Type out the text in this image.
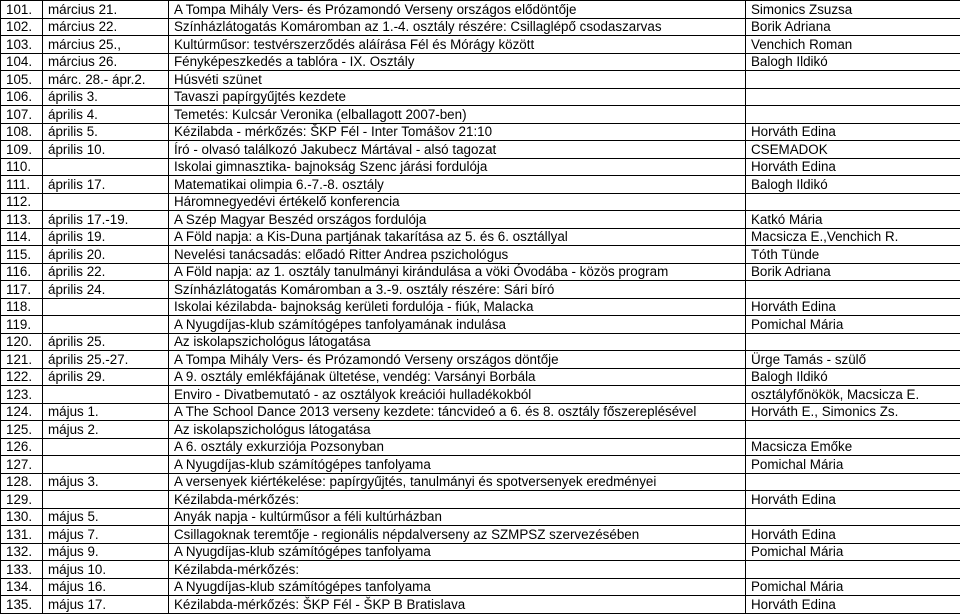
101.	március 21.	A Tompa Mihály Vers- és Prózamondó Verseny országos elődöntője	Simonics Zsuzsa
102.	március 22.	Színházlátogatás Komáromban az 1.-4. osztály részére: Csillaglépő csodaszarvas	Borik Adriana
103.	március 25.,	Kultúrműsor: testvérszerződés aláírása Fél és Mórágy között	Venchich Roman
104.	március 26.	Fényképeszkedés a tablóra - IX. Osztály	Balogh Ildikó
105.	márc. 28.- ápr.2.	Húsvéti szünet	
106.	április 3.	Tavaszi papírgyűjtés kezdete	
107.	április 4.	Temetés: Kulcsár Veronika (elballagott 2007-ben)	
108.	április 5.	Kézilabda - mérkőzés: ŠKP Fél - Inter Tomášov 21:10	Horváth Edina
109.	április 10.	Író - olvasó találkozó Jakubecz Mártával - alsó tagozat	CSEMADOK
110.		Iskolai gimnasztika- bajnokság Szenc járási fordulója	Horváth Edina
111.	április 17.	Matematikai olimpia 6.-7.-8. osztály	Balogh Ildikó
112.		Háromnegyedévi értékelő konferencia	
113.	április 17.-19.	A Szép Magyar Beszéd országos fordulója	Katkó Mária
114.	április 19.	A Föld napja: a Kis-Duna partjának takarítása az 5. és 6. osztállyal	Macsicza E.,Venchich R.
115.	április 20.	Nevelési tanácsadás: előadó Ritter Andrea pszichológus	Tóth Tünde
116.	április 22.	A Föld napja: az 1. osztály tanulmányi kirándulása a vöki Óvodába - közös program	Borik Adriana
117.	április 24.	Színházlátogatás Komáromban a 3.-9. osztály részére: Sári bíró	
118.		Iskolai kézilabda- bajnokság kerületi fordulója - fiúk, Malacka	Horváth Edina
119.		A Nyugdíjas-klub számítógépes tanfolyamának indulása	Pomichal Mária
120.	április 25.	Az iskolapszichológus látogatása	
121.	április 25.-27.	A Tompa Mihály Vers- és Prózamondó Verseny országos döntője	Ürge Tamás - szülő
122.	április 29.	A 9. osztály emlékfájának ültetése, vendég: Varsányi Borbála	Balogh Ildikó
123.		Enviro - Divatbemutató - az osztályok kreációi hulladékokból	osztályfőnökök, Macsicza E.
124.	május 1.	A The School Dance 2013 verseny kezdete: táncvideó a 6. és 8. osztály főszereplésével	Horváth E., Simonics Zs.
125.	május 2.	Az iskolapszichológus látogatása	
126.		A 6. osztály exkurziója Pozsonyban	Macsicza Emőke
127.		A Nyugdíjas-klub számítógépes tanfolyama	Pomichal Mária
128.	május 3.	A versenyek kiértékelése: papírgyűjtés, tanulmányi és spotversenyek eredményei	
129.		Kézilabda-mérkőzés:	Horváth Edina
130.	május 5.	Anyák napja - kultúrműsor a féli kultúrházban	
131.	május 7.	Csillagoknak teremtője - regionális népdalverseny az SZMPSZ szervezésében	Horváth Edina
132.	május 9.	A Nyugdíjas-klub számítógépes tanfolyama	Pomichal Mária
133.	május 10.	Kézilabda-mérkőzés:	
134.	május 16.	A Nyugdíjas-klub számítógépes tanfolyama	Pomichal Mária
135.	május 17.	Kézilabda-mérkőzés: ŠKP Fél - ŠKP B Bratislava	Horváth Edina
